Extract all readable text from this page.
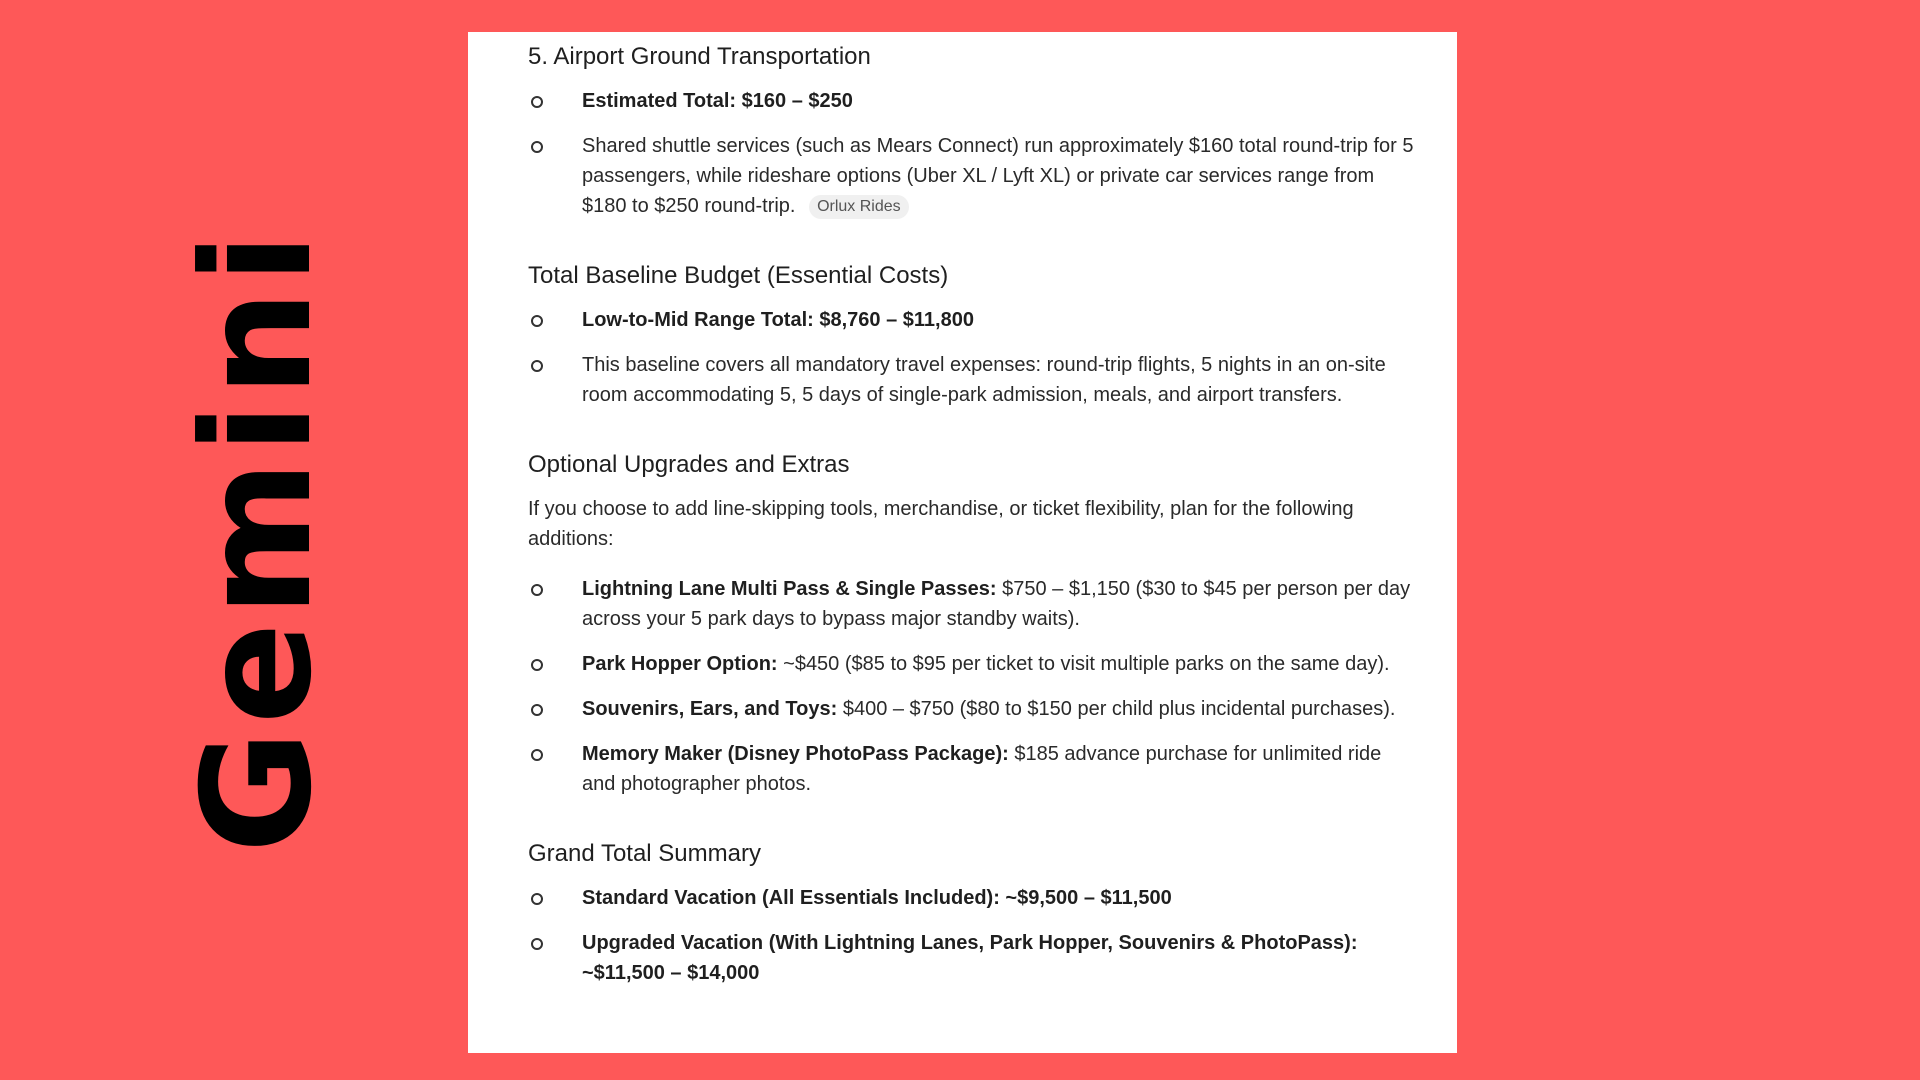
Gemini
5. Airport Ground Transportation
Estimated Total: $160 – $250
Shared shuttle services (such as Mears Connect) run approximately $160 total round-trip for 5 passengers, while rideshare options (Uber XL / Lyft XL) or private car services range from $180 to $250 round-trip. Orlux Rides
Total Baseline Budget (Essential Costs)
Low-to-Mid Range Total: $8,760 – $11,800
This baseline covers all mandatory travel expenses: round-trip flights, 5 nights in an on-site room accommodating 5, 5 days of single-park admission, meals, and airport transfers.
Optional Upgrades and Extras

If you choose to add line-skipping tools, merchandise, or ticket flexibility, plan for the following additions:

Lightning Lane Multi Pass & Single Passes: $750 – $1,150 ($30 to $45 per person per day across your 5 park days to bypass major standby waits).
Park Hopper Option: ~$450 ($85 to $95 per ticket to visit multiple parks on the same day).
Souvenirs, Ears, and Toys: $400 – $750 ($80 to $150 per child plus incidental purchases).
Memory Maker (Disney PhotoPass Package): $185 advance purchase for unlimited ride and photographer photos.
Grand Total Summary
Standard Vacation (All Essentials Included): ~$9,500 – $11,500
Upgraded Vacation (With Lightning Lanes, Park Hopper, Souvenirs & PhotoPass): ~$11,500 – $14,000
